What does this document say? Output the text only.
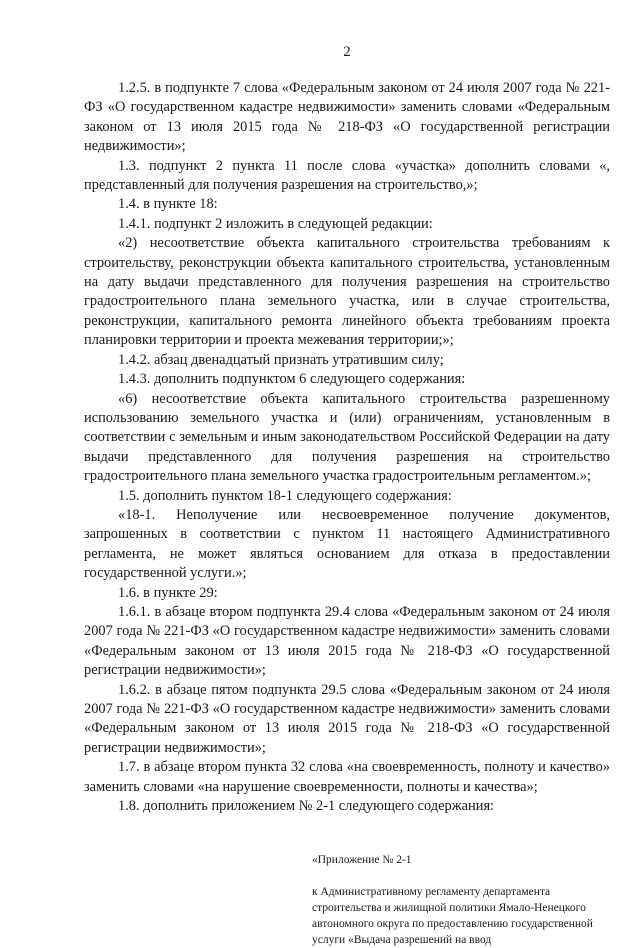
2

1.2.5. в подпункте 7 слова «Федеральным законом от 24 июля 2007 года № 221-ФЗ «О государственном кадастре недвижимости» заменить словами «Федеральным законом от 13 июля 2015 года № 218-ФЗ «О государственной регистрации недвижимости»;

1.3. подпункт 2 пункта 11 после слова «участка» дополнить словами «, представленный для получения разрешения на строительство,»;

1.4. в пункте 18:

1.4.1. подпункт 2 изложить в следующей редакции:

«2) несоответствие объекта капитального строительства требованиям к строительству, реконструкции объекта капитального строительства, установленным на дату выдачи представленного для получения разрешения на строительство градостроительного плана земельного участка, или в случае строительства, реконструкции, капитального ремонта линейного объекта требованиям проекта планировки территории и проекта межевания территории;»;

1.4.2. абзац двенадцатый признать утратившим силу;

1.4.3. дополнить подпунктом 6 следующего содержания:

«6) несоответствие объекта капитального строительства разрешенному использованию земельного участка и (или) ограничениям, установленным в соответствии с земельным и иным законодательством Российской Федерации на дату выдачи представленного для получения разрешения на строительство градостроительного плана земельного участка градостроительным регламентом.»;

1.5. дополнить пунктом 18-1 следующего содержания:

«18-1. Неполучение или несвоевременное получение документов, запрошенных в соответствии с пунктом 11 настоящего Административного регламента, не может являться основанием для отказа в предоставлении государственной услуги.»;

1.6. в пункте 29:

1.6.1. в абзаце втором подпункта 29.4 слова «Федеральным законом от 24 июля 2007 года № 221-ФЗ «О государственном кадастре недвижимости» заменить словами «Федеральным законом от 13 июля 2015 года № 218-ФЗ «О государственной регистрации недвижимости»;

1.6.2. в абзаце пятом подпункта 29.5 слова «Федеральным законом от 24 июля 2007 года № 221-ФЗ «О государственном кадастре недвижимости» заменить словами «Федеральным законом от 13 июля 2015 года № 218-ФЗ «О государственной регистрации недвижимости»;

1.7. в абзаце втором пункта 32 слова «на своевременность, полноту и качество» заменить словами «на нарушение своевременности, полноты и качества»;

1.8. дополнить приложением № 2-1 следующего содержания:

«Приложение № 2-1

к Административному регламенту департамента строительства и жилищной политики Ямало-Ненецкого автономного округа по предоставлению государственной услуги «Выдача разрешений на ввод
